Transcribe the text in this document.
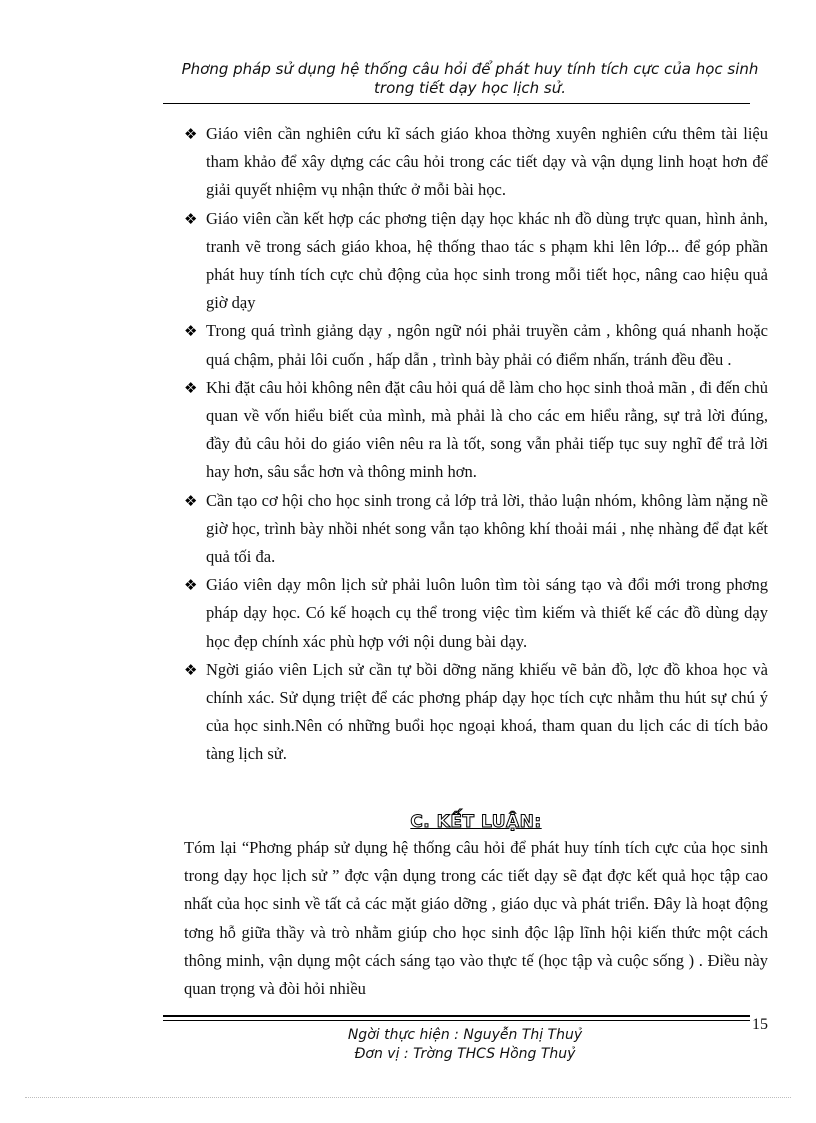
Phơng pháp sử dụng hệ thống câu hỏi để phát huy tính tích cực của học sinh
trong tiết dạy học lịch sử.
❖ Giáo viên cần nghiên cứu kĩ sách giáo khoa thờng xuyên nghiên cứu thêm tài liệu tham khảo để xây dựng các câu hỏi trong các tiết dạy và vận dụng linh hoạt hơn để giải quyết nhiệm vụ nhận thức ở mỗi bài học.
❖ Giáo viên cần kết hợp các phơng tiện dạy học khác nh đồ dùng trực quan, hình ảnh, tranh vẽ trong sách giáo khoa, hệ thống thao tác s phạm khi lên lớp... để góp phần phát huy tính tích cực chủ động của học sinh trong mỗi tiết học, nâng cao hiệu quả giờ dạy
❖ Trong quá trình giảng dạy , ngôn ngữ nói phải truyền cảm , không quá nhanh hoặc quá chậm, phải lôi cuốn , hấp dẫn , trình bày phải có điểm nhấn, tránh đều đều .
❖ Khi đặt câu hỏi không nên đặt câu hỏi quá dễ làm cho học sinh thoả mãn , đi đến chủ quan về vốn hiểu biết của mình, mà phải là cho các em hiểu rằng, sự trả lời đúng, đầy đủ câu hỏi do giáo viên nêu ra là tốt, song vẫn phải tiếp tục suy nghĩ để trả lời hay hơn, sâu sắc hơn và thông minh hơn.
❖ Cần tạo cơ hội cho học sinh trong cả lớp trả lời, thảo luận nhóm, không làm nặng nề giờ học, trình bày nhồi nhét song vẫn tạo không khí thoải mái , nhẹ nhàng để đạt kết quả tối đa.
❖ Giáo viên dạy môn lịch sử phải luôn luôn tìm tòi sáng tạo và đổi mới trong phơng pháp dạy học. Có kế hoạch cụ thể trong việc tìm kiếm và thiết kế các đồ dùng dạy học đẹp chính xác phù hợp với nội dung bài dạy.
❖ Ngời giáo viên Lịch sử cần tự bồi dỡng năng khiếu vẽ bản đồ, lợc đồ khoa học và chính xác. Sử dụng triệt để các phơng pháp dạy học tích cực nhằm thu hút sự chú ý của học sinh.Nên có những buổi học ngoại khoá, tham quan du lịch các di tích bảo tàng lịch sử.
C. KẾT LUẬN:
Tóm lại “Phơng pháp sử dụng hệ thống câu hỏi để phát huy tính tích cực của học sinh trong dạy học lịch sử ” đợc vận dụng trong các tiết dạy sẽ đạt đợc kết quả học tập cao nhất của học sinh về tất cả các mặt giáo dỡng , giáo dục và phát triển. Đây là hoạt động tơng hỗ giữa thầy và trò nhằm giúp cho học sinh độc lập lĩnh hội kiến thức một cách thông minh, vận dụng một cách sáng tạo vào thực tế (học tập và cuộc sống ) . Điều này quan trọng và đòi hỏi nhiều
15
Ngời thực hiện : Nguyễn Thị Thuỷ
Đơn vị : Trờng THCS Hồng Thuỷ
